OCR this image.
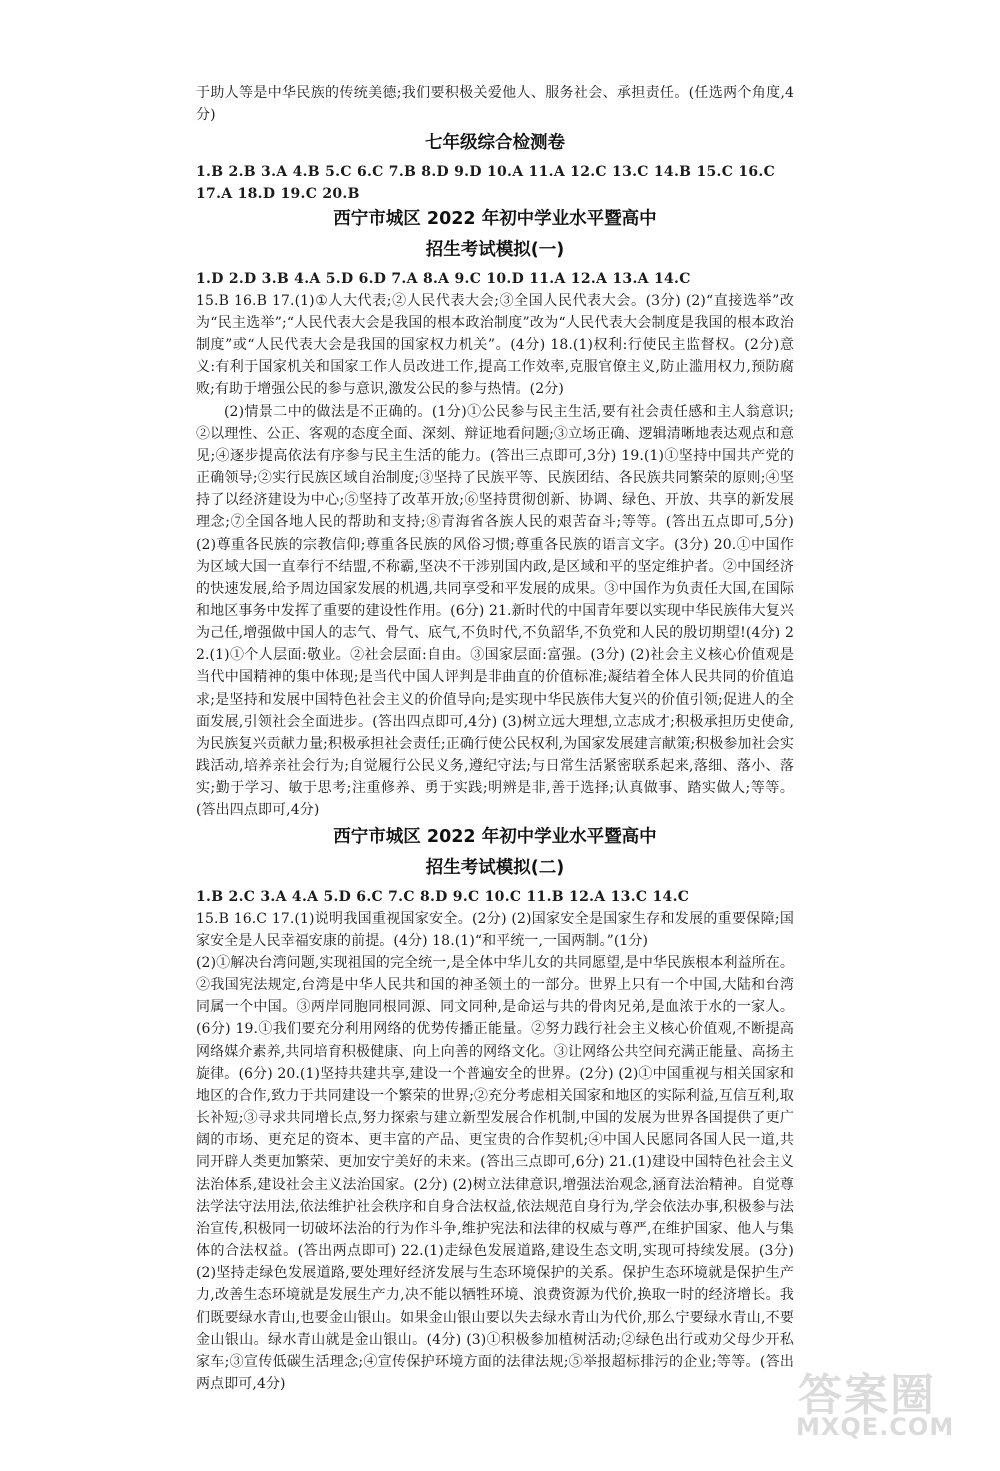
于助人等是中华民族的传统美德;我们要积极关爱他人、服务社会、承担责任。(任选两个角度,4分)

七年级综合检测卷

1.B 2.B 3.A 4.B 5.C 6.C 7.B 8.D 9.D 10.A 11.A 12.C 13.C 14.B 15.C 16.C 17.A 18.D 19.C 20.B

西宁市城区 2022 年初中学业水平暨高中
招生考试模拟(一)

1.D 2.D 3.B 4.A 5.D 6.D 7.A 8.A 9.C 10.D 11.A 12.A 13.A 14.C

15.B 16.B 17.(1)①人大代表;②人民代表大会;③全国人民代表大会。(3分) (2)“直接选举”改为“民主选举”;“人民代表大会是我国的根本政治制度”改为“人民代表大会制度是我国的根本政治制度”或“人民代表大会是我国的国家权力机关”。(4分) 18.(1)权利:行使民主监督权。(2分)意义:有利于国家机关和国家工作人员改进工作,提高工作效率,克服官僚主义,防止滥用权力,预防腐败;有助于增强公民的参与意识,激发公民的参与热情。(2分)

(2)情景二中的做法是不正确的。(1分)①公民参与民主生活,要有社会责任感和主人翁意识;②以理性、公正、客观的态度全面、深刻、辩证地看问题;③立场正确、逻辑清晰地表达观点和意见;④逐步提高依法有序参与民主生活的能力。(答出三点即可,3分) 19.(1)①坚持中国共产党的正确领导;②实行民族区域自治制度;③坚持了民族平等、民族团结、各民族共同繁荣的原则;④坚持了以经济建设为中心;⑤坚持了改革开放;⑥坚持贯彻创新、协调、绿色、开放、共享的新发展理念;⑦全国各地人民的帮助和支持;⑧青海省各族人民的艰苦奋斗;等等。(答出五点即可,5分) (2)尊重各民族的宗教信仰;尊重各民族的风俗习惯;尊重各民族的语言文字。(3分) 20.①中国作为区域大国一直奉行不结盟,不称霸,坚决不干涉别国内政,是区域和平的坚定维护者。②中国经济的快速发展,给予周边国家发展的机遇,共同享受和平发展的成果。③中国作为负责任大国,在国际和地区事务中发挥了重要的建设性作用。(6分) 21.新时代的中国青年要以实现中华民族伟大复兴为己任,增强做中国人的志气、骨气、底气,不负时代,不负韶华,不负党和人民的殷切期望!(4分) 22.(1)①个人层面:敬业。②社会层面:自由。③国家层面:富强。(3分) (2)社会主义核心价值观是当代中国精神的集中体现;是当代中国人评判是非曲直的价值标准;凝结着全体人民共同的价值追求;是坚持和发展中国特色社会主义的价值导向;是实现中华民族伟大复兴的价值引领;促进人的全面发展,引领社会全面进步。(答出四点即可,4分) (3)树立远大理想,立志成才;积极承担历史使命,为民族复兴贡献力量;积极承担社会责任;正确行使公民权利,为国家发展建言献策;积极参加社会实践活动,培养亲社会行为;自觉履行公民义务,遵纪守法;与日常生活紧密联系起来,落细、落小、落实;勤于学习、敏于思考;注重修养、勇于实践;明辨是非,善于选择;认真做事、踏实做人;等等。(答出四点即可,4分)

西宁市城区 2022 年初中学业水平暨高中
招生考试模拟(二)

1.B 2.C 3.A 4.A 5.D 6.C 7.C 8.D 9.C 10.C 11.B 12.A 13.C 14.C

15.B 16.C 17.(1)说明我国重视国家安全。(2分) (2)国家安全是国家生存和发展的重要保障;国家安全是人民幸福安康的前提。(4分) 18.(1)“和平统一,一国两制。”(1分)

(2)①解决台湾问题,实现祖国的完全统一,是全体中华儿女的共同愿望,是中华民族根本利益所在。②我国宪法规定,台湾是中华人民共和国的神圣领土的一部分。世界上只有一个中国,大陆和台湾同属一个中国。③两岸同胞同根同源、同文同种,是命运与共的骨肉兄弟,是血浓于水的一家人。(6分) 19.①我们要充分利用网络的优势传播正能量。②努力践行社会主义核心价值观,不断提高网络媒介素养,共同培育积极健康、向上向善的网络文化。③让网络公共空间充满正能量、高扬主旋律。(6分) 20.(1)坚持共建共享,建设一个普遍安全的世界。(2分) (2)①中国重视与相关国家和地区的合作,致力于共同建设一个繁荣的世界;②充分考虑相关国家和地区的实际利益,互信互利,取长补短;③寻求共同增长点,努力探索与建立新型发展合作机制,中国的发展为世界各国提供了更广阔的市场、更充足的资本、更丰富的产品、更宝贵的合作契机;④中国人民愿同各国人民一道,共同开辟人类更加繁荣、更加安宁美好的未来。(答出三点即可,6分) 21.(1)建设中国特色社会主义法治体系,建设社会主义法治国家。(2分) (2)树立法律意识,增强法治观念,涵育法治精神。自觉尊法学法守法用法,依法维护社会秩序和自身合法权益,依法规范自身行为,学会依法办事,积极参与法治宣传,积极同一切破坏法治的行为作斗争,维护宪法和法律的权威与尊严,在维护国家、他人与集体的合法权益。(答出两点即可) 22.(1)走绿色发展道路,建设生态文明,实现可持续发展。(3分) (2)坚持走绿色发展道路,要处理好经济发展与生态环境保护的关系。保护生态环境就是保护生产力,改善生态环境就是发展生产力,决不能以牺牲环境、浪费资源为代价,换取一时的经济增长。我们既要绿水青山,也要金山银山。如果金山银山要以失去绿水青山为代价,那么宁要绿水青山,不要金山银山。绿水青山就是金山银山。(4分) (3)①积极参加植树活动;②绿色出行或劝父母少开私家车;③宣传低碳生活理念;④宣传保护环境方面的法律法规;⑤举报超标排污的企业;等等。(答出两点即可,4分)	答案圈
MXQE.COM
